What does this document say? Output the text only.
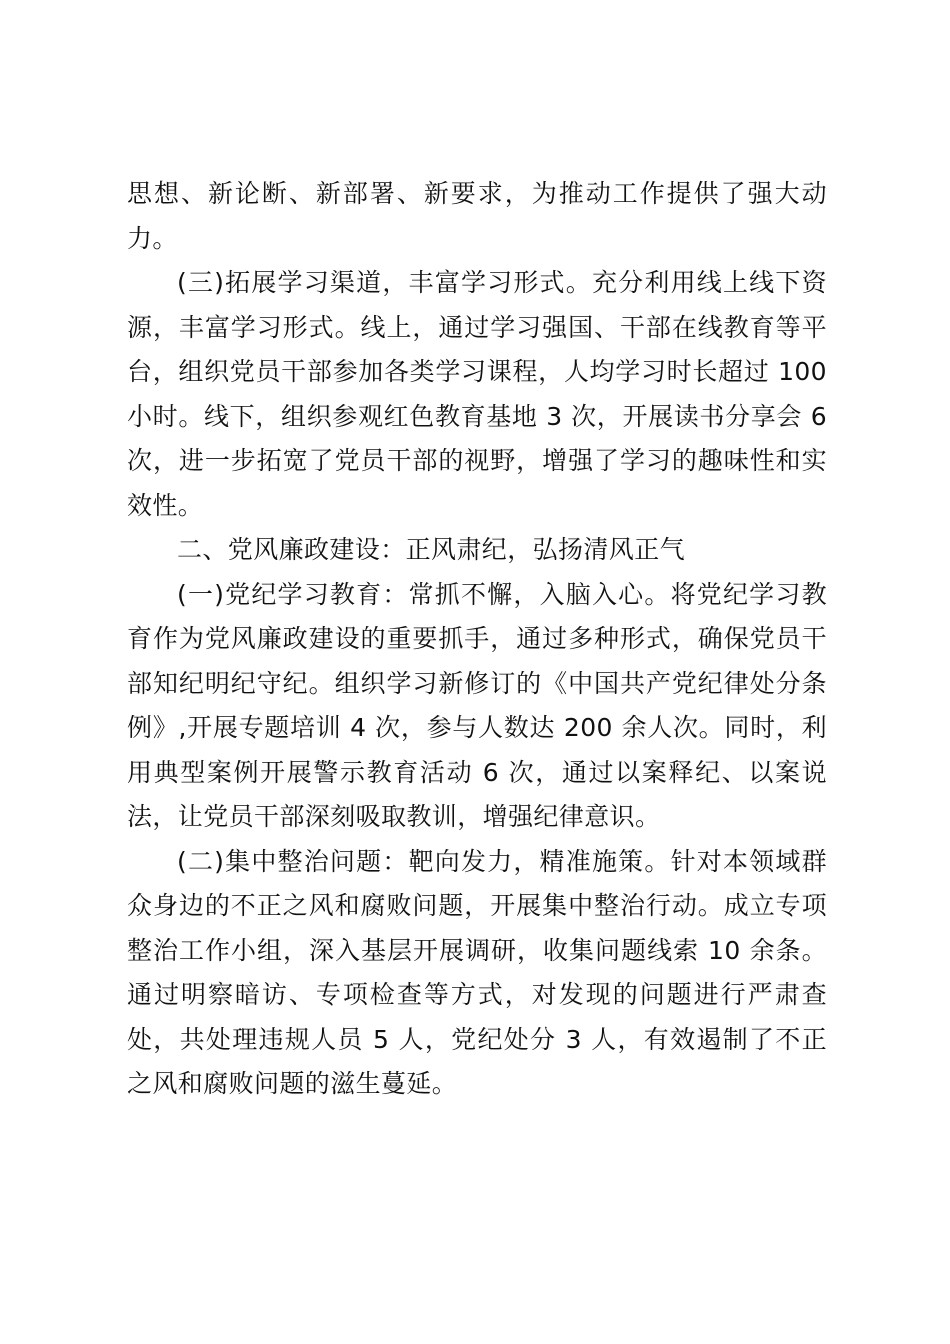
思想、新论断、新部署、新要求，为推动工作提供了强大动力。

(三)拓展学习渠道，丰富学习形式。充分利用线上线下资源，丰富学习形式。线上，通过学习强国、干部在线教育等平台，组织党员干部参加各类学习课程，人均学习时长超过 100 小时。线下，组织参观红色教育基地 3 次，开展读书分享会 6 次，进一步拓宽了党员干部的视野，增强了学习的趣味性和实效性。

二、党风廉政建设：正风肃纪，弘扬清风正气

(一)党纪学习教育：常抓不懈，入脑入心。将党纪学习教育作为党风廉政建设的重要抓手，通过多种形式，确保党员干部知纪明纪守纪。组织学习新修订的《中国共产党纪律处分条例》,开展专题培训 4 次，参与人数达 200 余人次。同时，利用典型案例开展警示教育活动 6 次，通过以案释纪、以案说法，让党员干部深刻吸取教训，增强纪律意识。

(二)集中整治问题：靶向发力，精准施策。针对本领域群众身边的不正之风和腐败问题，开展集中整治行动。成立专项整治工作小组，深入基层开展调研，收集问题线索 10 余条。通过明察暗访、专项检查等方式，对发现的问题进行严肃查处，共处理违规人员 5 人，党纪处分 3 人，有效遏制了不正之风和腐败问题的滋生蔓延。
